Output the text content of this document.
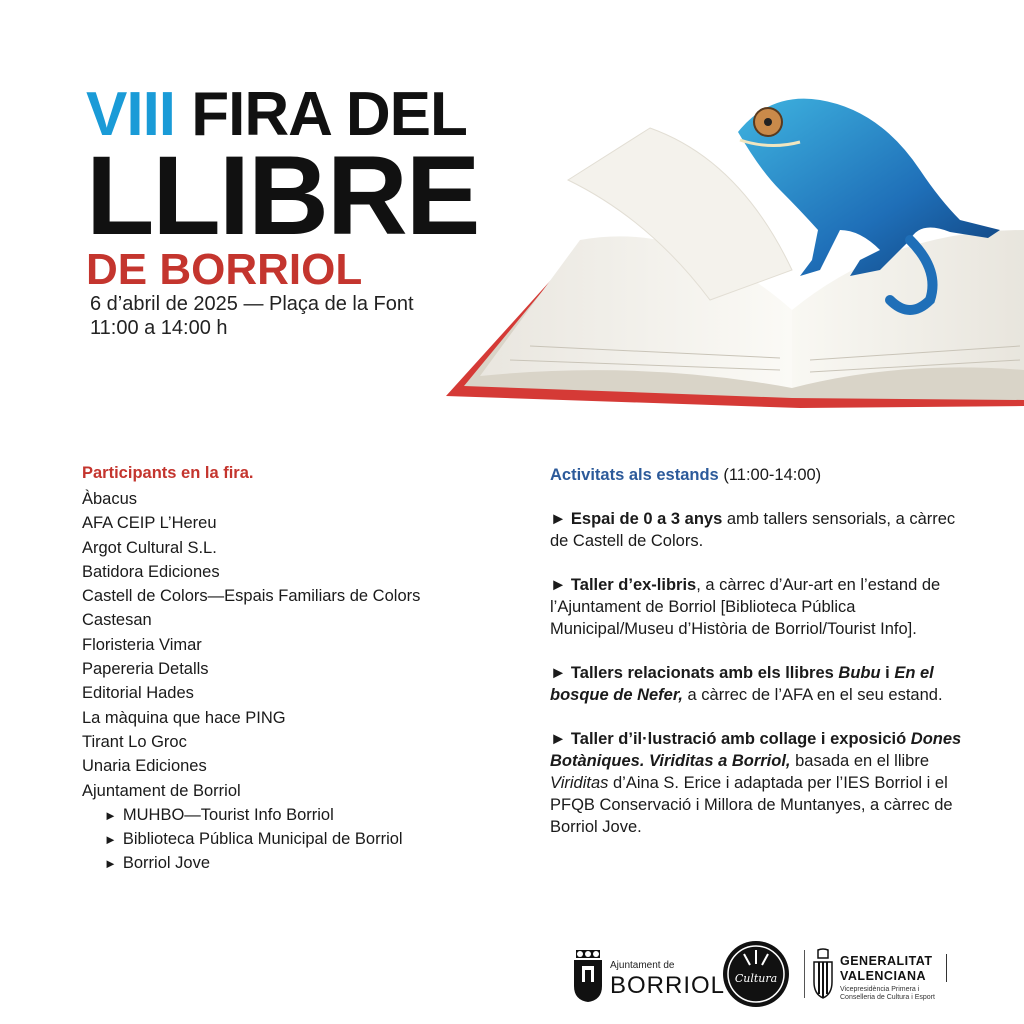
VIII FIRA DEL
LLIBRE
DE BORRIOL
6 d’abril de 2025 — Plaça de la Font
11:00 a 14:00 h
Participants en la fira.
Àbacus
AFA CEIP L’Hereu
Argot Cultural S.L.
Batidora Ediciones
Castell de Colors—Espais Familiars de Colors
Castesan
Floristeria Vimar
Papereria Detalls
Editorial Hades
La màquina que hace PING
Tirant Lo Groc
Unaria Ediciones
Ajuntament de Borriol
► MUHBO—Tourist Info Borriol
► Biblioteca Pública Municipal de Borriol
► Borriol Jove
Activitats als estands (11:00-14:00)
► Espai de 0 a 3 anys amb tallers sensorials, a càrrec de Castell de Colors.
► Taller d’ex-libris, a càrrec d’Aur-art en l’estand de l’Ajuntament de Borriol [Biblioteca Pública Municipal/Museu d’Història de Borriol/Tourist Info].
► Tallers relacionats amb els llibres Bubu i En el bosque de Nefer, a càrrec de l’AFA en el seu estand.
► Taller d’il·lustració amb collage i exposició Dones Botàniques. Viriditas a Borriol, basada en el llibre Viriditas d’Aina S. Erice i adaptada per l’IES Borriol i el PFQB Conservació i Millora de Muntanyes, a càrrec de Borriol Jove.
Ajuntament de
BORRIOL Cultura
GENERALITAT
VALENCIANA
Vicepresidència Primera i Conselleria de Cultura i Esport
